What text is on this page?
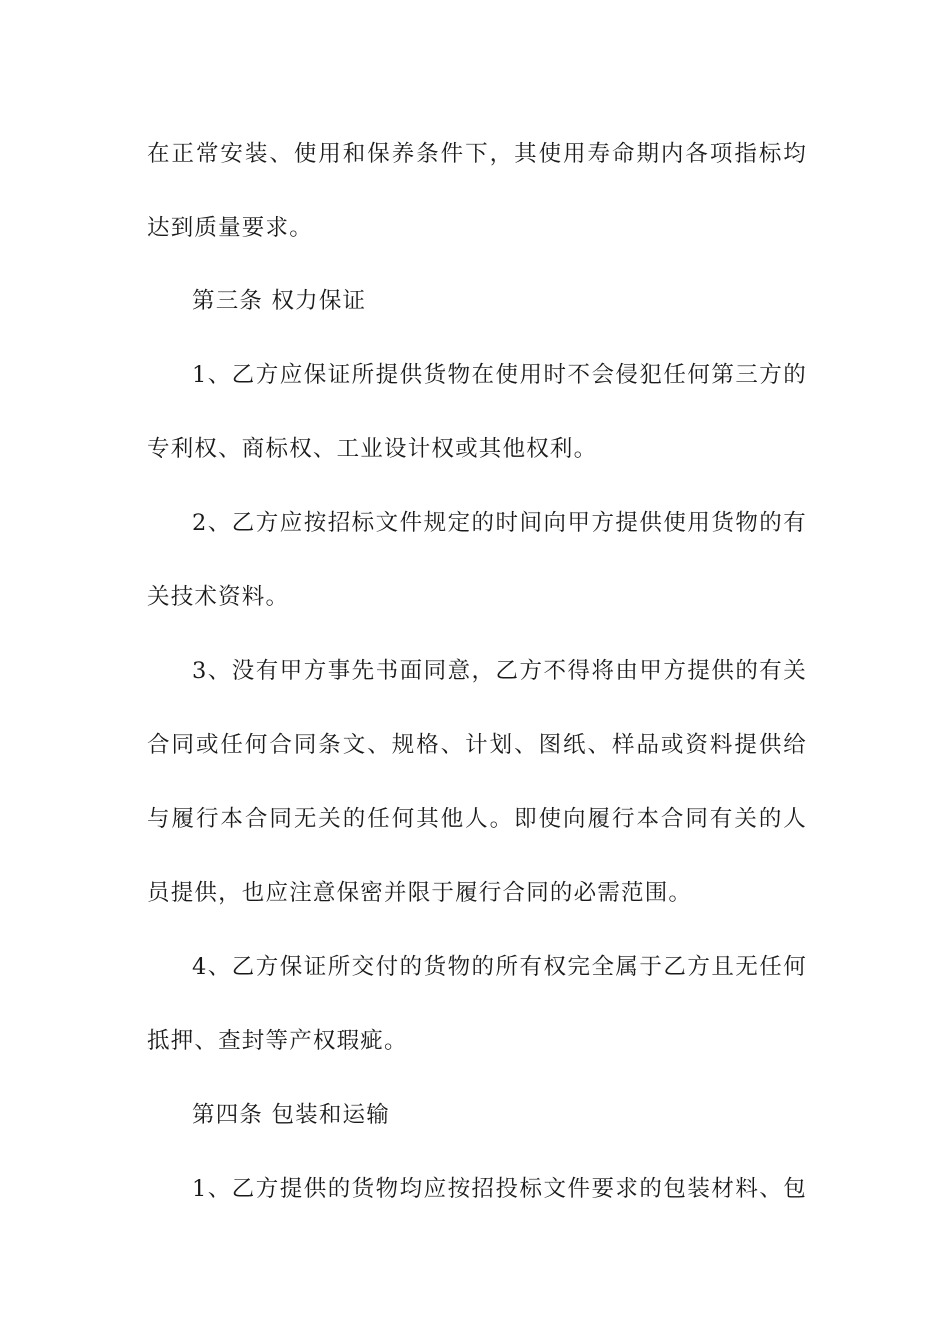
在正常安装、使用和保养条件下，其使用寿命期内各项指标均
达到质量要求。
第三条 权力保证
1、乙方应保证所提供货物在使用时不会侵犯任何第三方的
专利权、商标权、工业设计权或其他权利。
2、乙方应按招标文件规定的时间向甲方提供使用货物的有
关技术资料。
3、没有甲方事先书面同意，乙方不得将由甲方提供的有关
合同或任何合同条文、规格、计划、图纸、样品或资料提供给
与履行本合同无关的任何其他人。即使向履行本合同有关的人
员提供，也应注意保密并限于履行合同的必需范围。
4、乙方保证所交付的货物的所有权完全属于乙方且无任何
抵押、查封等产权瑕疵。
第四条 包装和运输
1、乙方提供的货物均应按招投标文件要求的包装材料、包
